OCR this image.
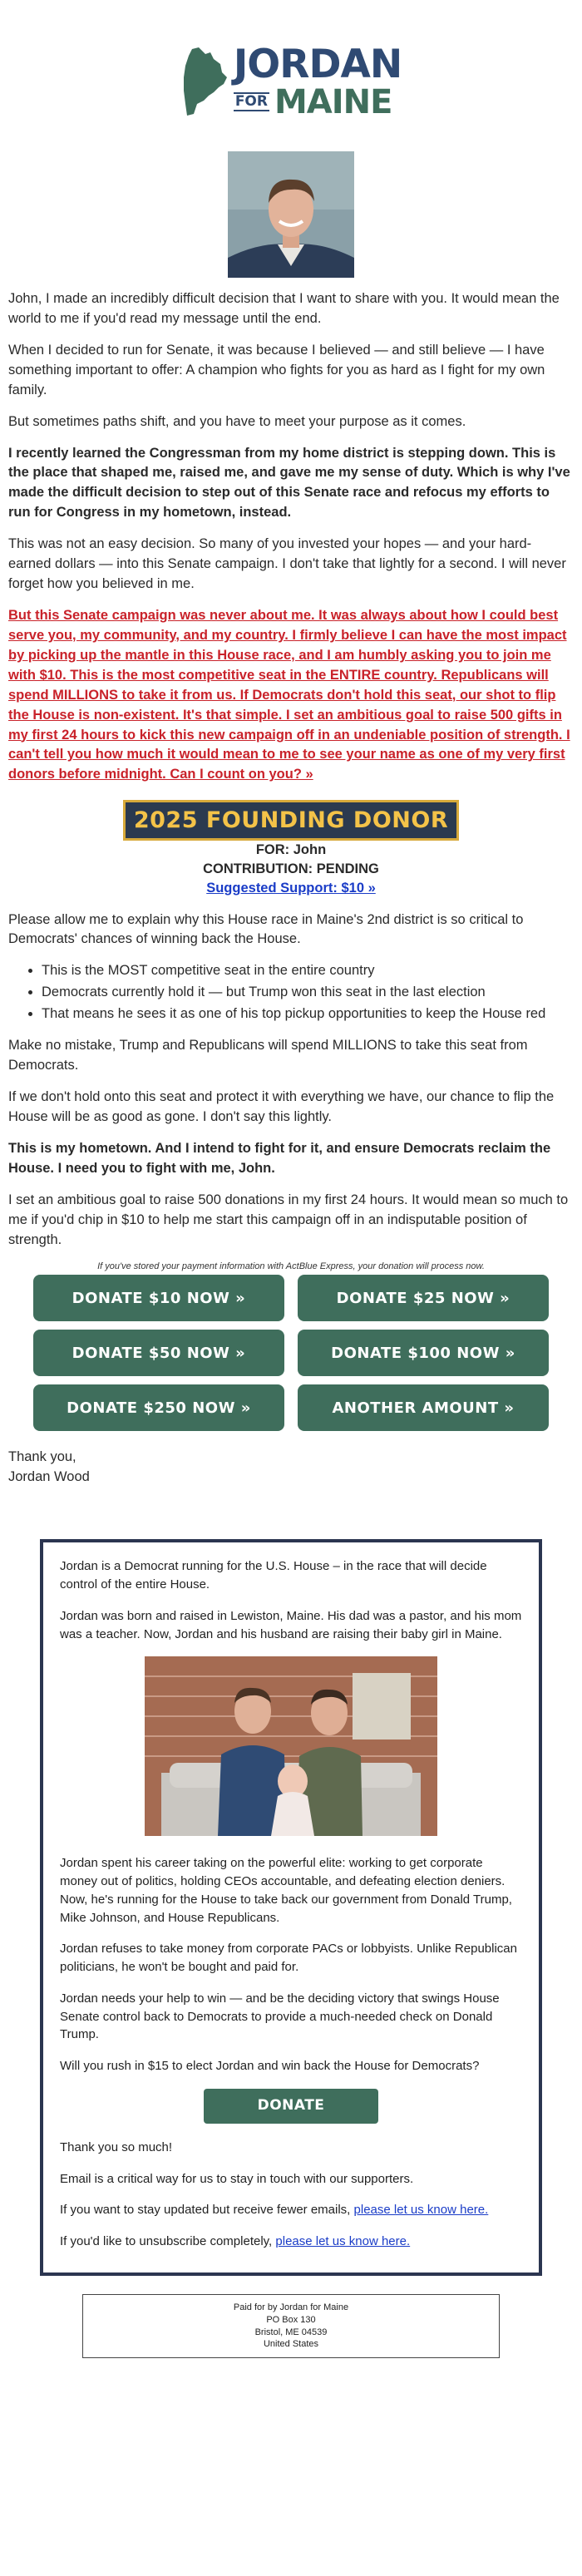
JORDAN
FOR MAINE

John, I made an incredibly difficult decision that I want to share with you. It would mean the world to me if you'd read my message until the end.

When I decided to run for Senate, it was because I believed — and still believe — I have something important to offer: A champion who fights for you as hard as I fight for my own family.

But sometimes paths shift, and you have to meet your purpose as it comes.

I recently learned the Congressman from my home district is stepping down. This is the place that shaped me, raised me, and gave me my sense of duty. Which is why I've made the difficult decision to step out of this Senate race and refocus my efforts to run for Congress in my hometown, instead.

This was not an easy decision. So many of you invested your hopes — and your hard-earned dollars — into this Senate campaign. I don't take that lightly for a second. I will never forget how you believed in me.

But this Senate campaign was never about me. It was always about how I could best serve you, my community, and my country. I firmly believe I can have the most impact by picking up the mantle in this House race, and I am humbly asking you to join me with $10. This is the most competitive seat in the ENTIRE country. Republicans will spend MILLIONS to take it from us. If Democrats don't hold this seat, our shot to flip the House is non-existent. It's that simple. I set an ambitious goal to raise 500 gifts in my first 24 hours to kick this new campaign off in an undeniable position of strength. I can't tell you how much it would mean to me to see your name as one of my very first donors before midnight. Can I count on you? »

2025 FOUNDING DONOR
FOR: John
CONTRIBUTION: PENDING
Suggested Support: $10 »

Please allow me to explain why this House race in Maine's 2nd district is so critical to Democrats' chances of winning back the House.

• This is the MOST competitive seat in the entire country
• Democrats currently hold it — but Trump won this seat in the last election
• That means he sees it as one of his top pickup opportunities to keep the House red

Make no mistake, Trump and Republicans will spend MILLIONS to take this seat from Democrats.

If we don't hold onto this seat and protect it with everything we have, our chance to flip the House will be as good as gone. I don't say this lightly.

This is my hometown. And I intend to fight for it, and ensure Democrats reclaim the House. I need you to fight with me, John.

I set an ambitious goal to raise 500 donations in my first 24 hours. It would mean so much to me if you'd chip in $10 to help me start this campaign off in an indisputable position of strength.

If you've stored your payment information with ActBlue Express, your donation will process now.
DONATE $10 NOW »	DONATE $25 NOW »
DONATE $50 NOW »	DONATE $100 NOW »
DONATE $250 NOW »	ANOTHER AMOUNT »
Thank you,
Jordan Wood

Jordan is a Democrat running for the U.S. House – in the race that will decide control of the entire House.

Jordan was born and raised in Lewiston, Maine. His dad was a pastor, and his mom was a teacher. Now, Jordan and his husband are raising their baby girl in Maine.

Jordan spent his career taking on the powerful elite: working to get corporate money out of politics, holding CEOs accountable, and defeating election deniers. Now, he's running for the House to take back our government from Donald Trump, Mike Johnson, and House Republicans.

Jordan refuses to take money from corporate PACs or lobbyists. Unlike Republican politicians, he won't be bought and paid for.

Jordan needs your help to win — and be the deciding victory that swings House Senate control back to Democrats to provide a much-needed check on Donald Trump.

Will you rush in $15 to elect Jordan and win back the House for Democrats?

DONATE

Thank you so much!

Email is a critical way for us to stay in touch with our supporters.

If you want to stay updated but receive fewer emails, please let us know here.

If you'd like to unsubscribe completely, please let us know here.

Paid for by Jordan for Maine
PO Box 130
Bristol, ME 04539
United States
